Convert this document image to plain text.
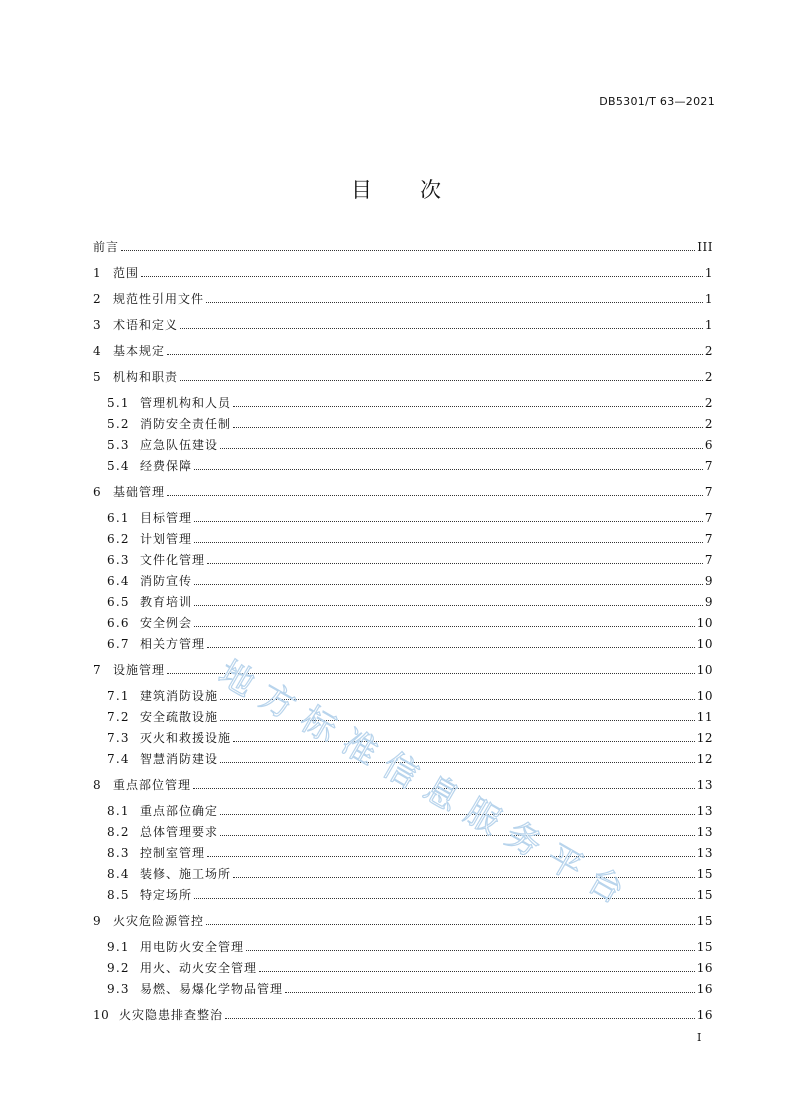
DB5301/T 63—2021
目 次
前言	III
1 范围	1
2 规范性引用文件	1
3 术语和定义	1
4 基本规定	2
5 机构和职责	2
5.1 管理机构和人员	2
5.2 消防安全责任制	2
5.3 应急队伍建设	6
5.4 经费保障	7
6 基础管理	7
6.1 目标管理	7
6.2 计划管理	7
6.3 文件化管理	7
6.4 消防宣传	9
6.5 教育培训	9
6.6 安全例会	10
6.7 相关方管理	10
7 设施管理	10
7.1 建筑消防设施	10
7.2 安全疏散设施	11
7.3 灭火和救援设施	12
7.4 智慧消防建设	12
8 重点部位管理	13
8.1 重点部位确定	13
8.2 总体管理要求	13
8.3 控制室管理	13
8.4 装修、施工场所	15
8.5 特定场所	15
9 火灾危险源管控	15
9.1 用电防火安全管理	15
9.2 用火、动火安全管理	16
9.3 易燃、易爆化学物品管理	16
10 火灾隐患排查整治	16
地
方
标
准
信
息
服
务
平
台
I
